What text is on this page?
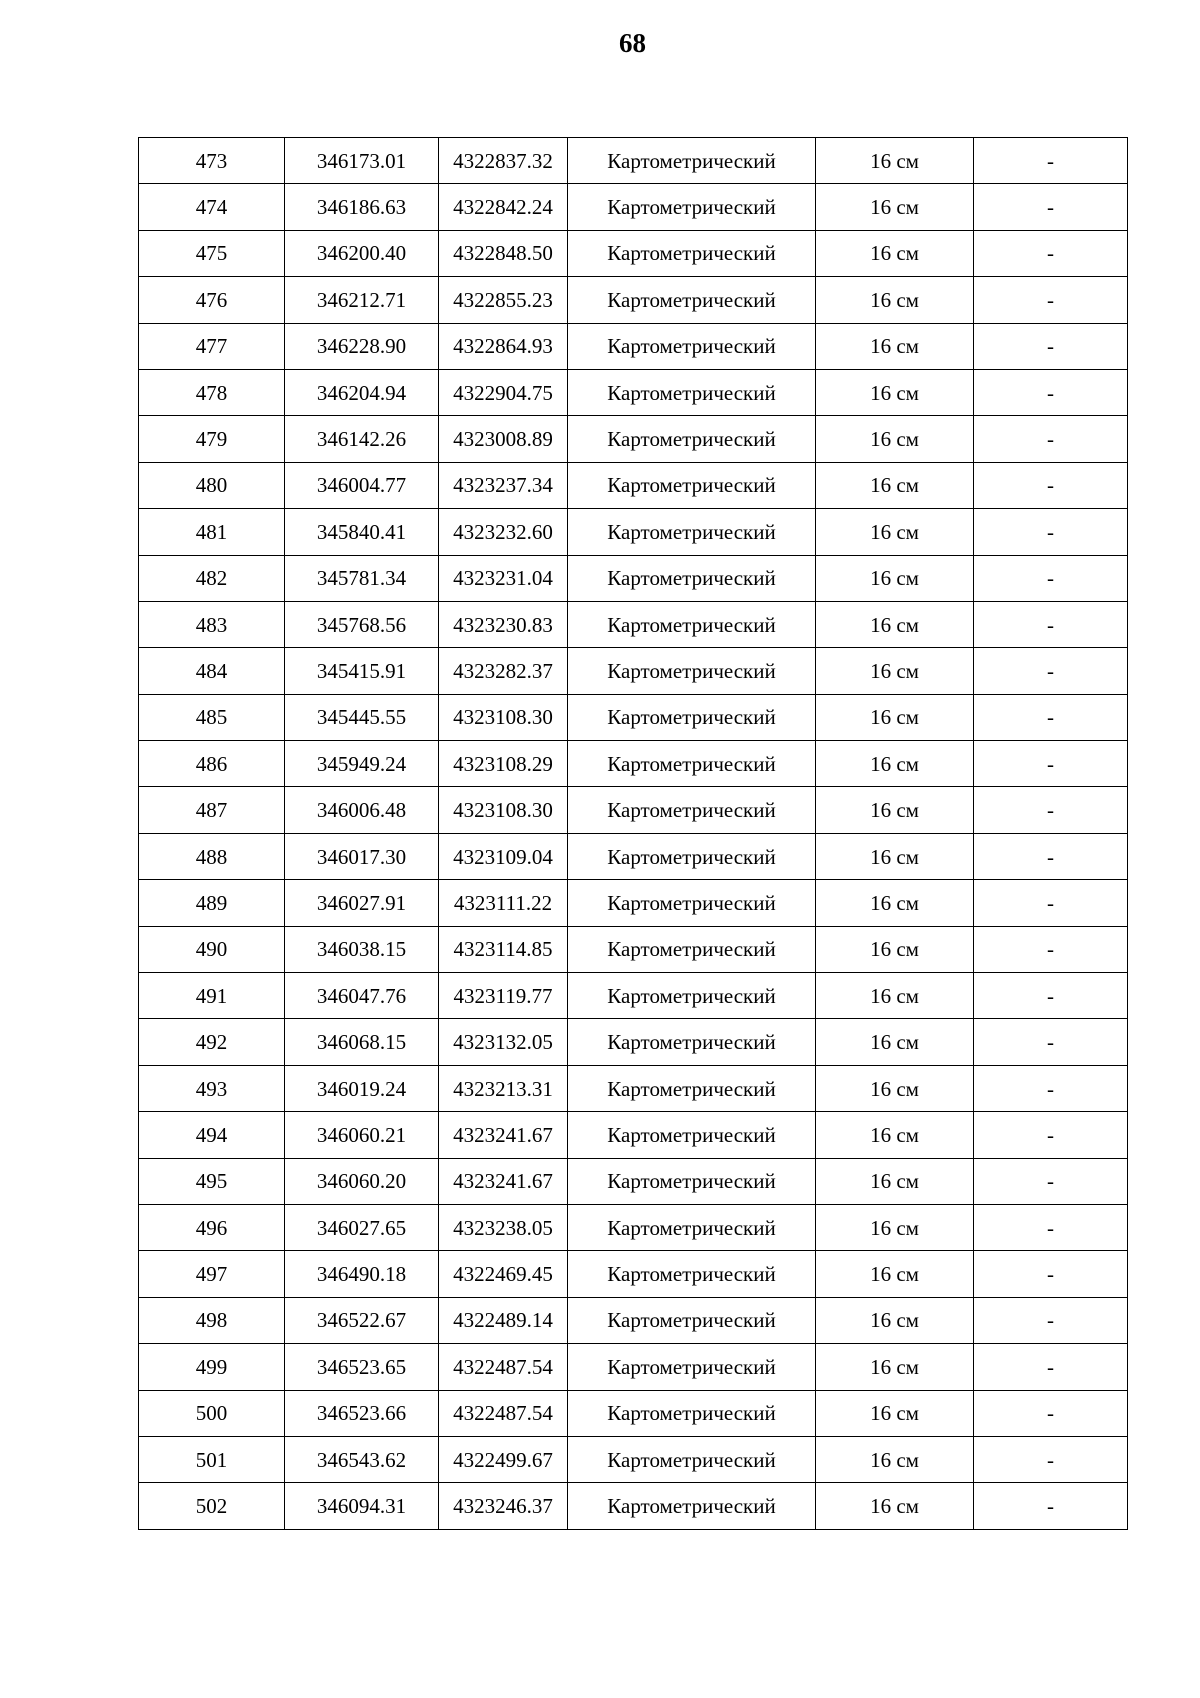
68
473	346173.01	4322837.32	Картометрический	16 см	-
474	346186.63	4322842.24	Картометрический	16 см	-
475	346200.40	4322848.50	Картометрический	16 см	-
476	346212.71	4322855.23	Картометрический	16 см	-
477	346228.90	4322864.93	Картометрический	16 см	-
478	346204.94	4322904.75	Картометрический	16 см	-
479	346142.26	4323008.89	Картометрический	16 см	-
480	346004.77	4323237.34	Картометрический	16 см	-
481	345840.41	4323232.60	Картометрический	16 см	-
482	345781.34	4323231.04	Картометрический	16 см	-
483	345768.56	4323230.83	Картометрический	16 см	-
484	345415.91	4323282.37	Картометрический	16 см	-
485	345445.55	4323108.30	Картометрический	16 см	-
486	345949.24	4323108.29	Картометрический	16 см	-
487	346006.48	4323108.30	Картометрический	16 см	-
488	346017.30	4323109.04	Картометрический	16 см	-
489	346027.91	4323111.22	Картометрический	16 см	-
490	346038.15	4323114.85	Картометрический	16 см	-
491	346047.76	4323119.77	Картометрический	16 см	-
492	346068.15	4323132.05	Картометрический	16 см	-
493	346019.24	4323213.31	Картометрический	16 см	-
494	346060.21	4323241.67	Картометрический	16 см	-
495	346060.20	4323241.67	Картометрический	16 см	-
496	346027.65	4323238.05	Картометрический	16 см	-
497	346490.18	4322469.45	Картометрический	16 см	-
498	346522.67	4322489.14	Картометрический	16 см	-
499	346523.65	4322487.54	Картометрический	16 см	-
500	346523.66	4322487.54	Картометрический	16 см	-
501	346543.62	4322499.67	Картометрический	16 см	-
502	346094.31	4323246.37	Картометрический	16 см	-
